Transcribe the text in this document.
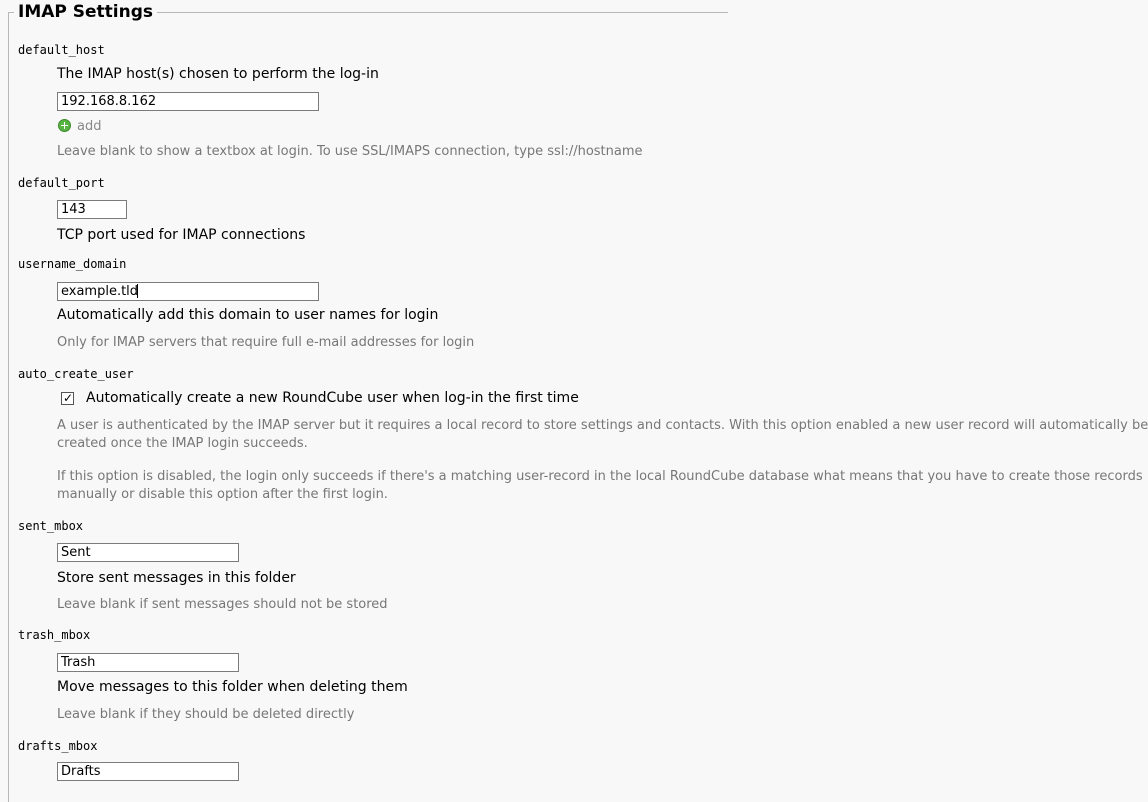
IMAP Settings
default_host
The IMAP host(s) chosen to perform the log-in
192.168.8.162
add
Leave blank to show a textbox at login. To use SSL/IMAPS connection, type ssl://hostname
default_port
143
TCP port used for IMAP connections
username_domain
example.tld
Automatically add this domain to user names for login
Only for IMAP servers that require full e-mail addresses for login
auto_create_user
✓ Automatically create a new RoundCube user when log-in the first time
A user is authenticated by the IMAP server but it requires a local record to store settings and contacts. With this option enabled a new user record will automatically be
created once the IMAP login succeeds.
If this option is disabled, the login only succeeds if there's a matching user-record in the local RoundCube database what means that you have to create those records
manually or disable this option after the first login.
sent_mbox
Sent
Store sent messages in this folder
Leave blank if sent messages should not be stored
trash_mbox
Trash
Move messages to this folder when deleting them
Leave blank if they should be deleted directly
drafts_mbox
Drafts
